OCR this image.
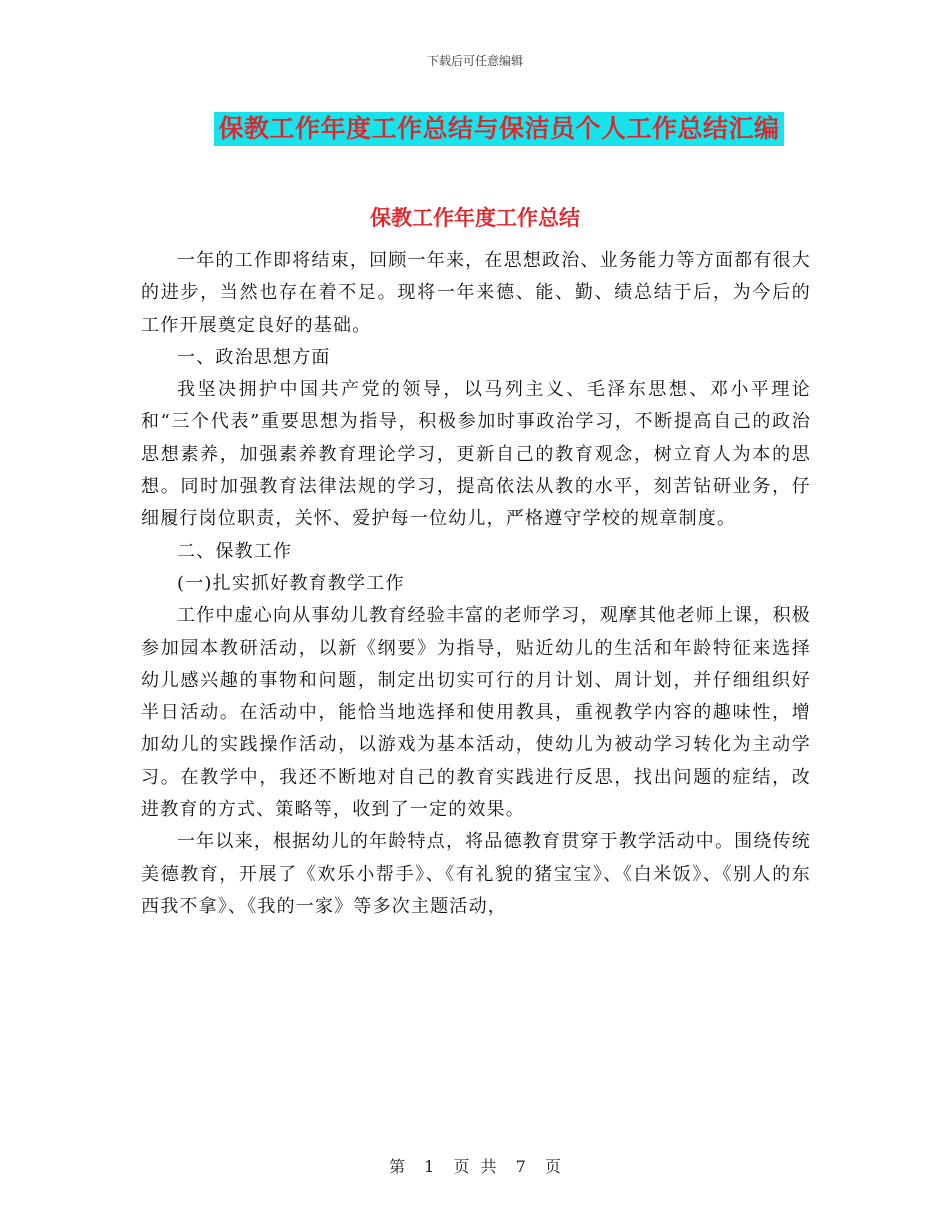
下载后可任意编辑
保教工作年度工作总结与保洁员个人工作总结汇编
保教工作年度工作总结

一年的工作即将结束，回顾一年来，在思想政治、业务能力等方面都有很大的进步，当然也存在着不足。现将一年来德、能、勤、绩总结于后，为今后的工作开展奠定良好的基础。

一、政治思想方面

我坚决拥护中国共产党的领导，以马列主义、毛泽东思想、邓小平理论和“三个代表”重要思想为指导，积极参加时事政治学习，不断提高自己的政治思想素养，加强素养教育理论学习，更新自己的教育观念，树立育人为本的思想。同时加强教育法律法规的学习，提高依法从教的水平，刻苦钻研业务，仔细履行岗位职责，关怀、爱护每一位幼儿，严格遵守学校的规章制度。

二、保教工作

(一)扎实抓好教育教学工作

工作中虚心向从事幼儿教育经验丰富的老师学习，观摩其他老师上课，积极参加园本教研活动，以新《纲要》为指导，贴近幼儿的生活和年龄特征来选择幼儿感兴趣的事物和问题，制定出切实可行的月计划、周计划，并仔细组织好半日活动。在活动中，能恰当地选择和使用教具，重视教学内容的趣味性，增加幼儿的实践操作活动，以游戏为基本活动，使幼儿为被动学习转化为主动学习。在教学中，我还不断地对自己的教育实践进行反思，找出问题的症结，改进教育的方式、策略等，收到了一定的效果。

一年以来，根据幼儿的年龄特点，将品德教育贯穿于教学活动中。围绕传统美德教育，开展了《欢乐小帮手》、《有礼貌的猪宝宝》、《白米饭》、《别人的东西我不拿》、《我的一家》等多次主题活动，

第 1 页 共 7 页
